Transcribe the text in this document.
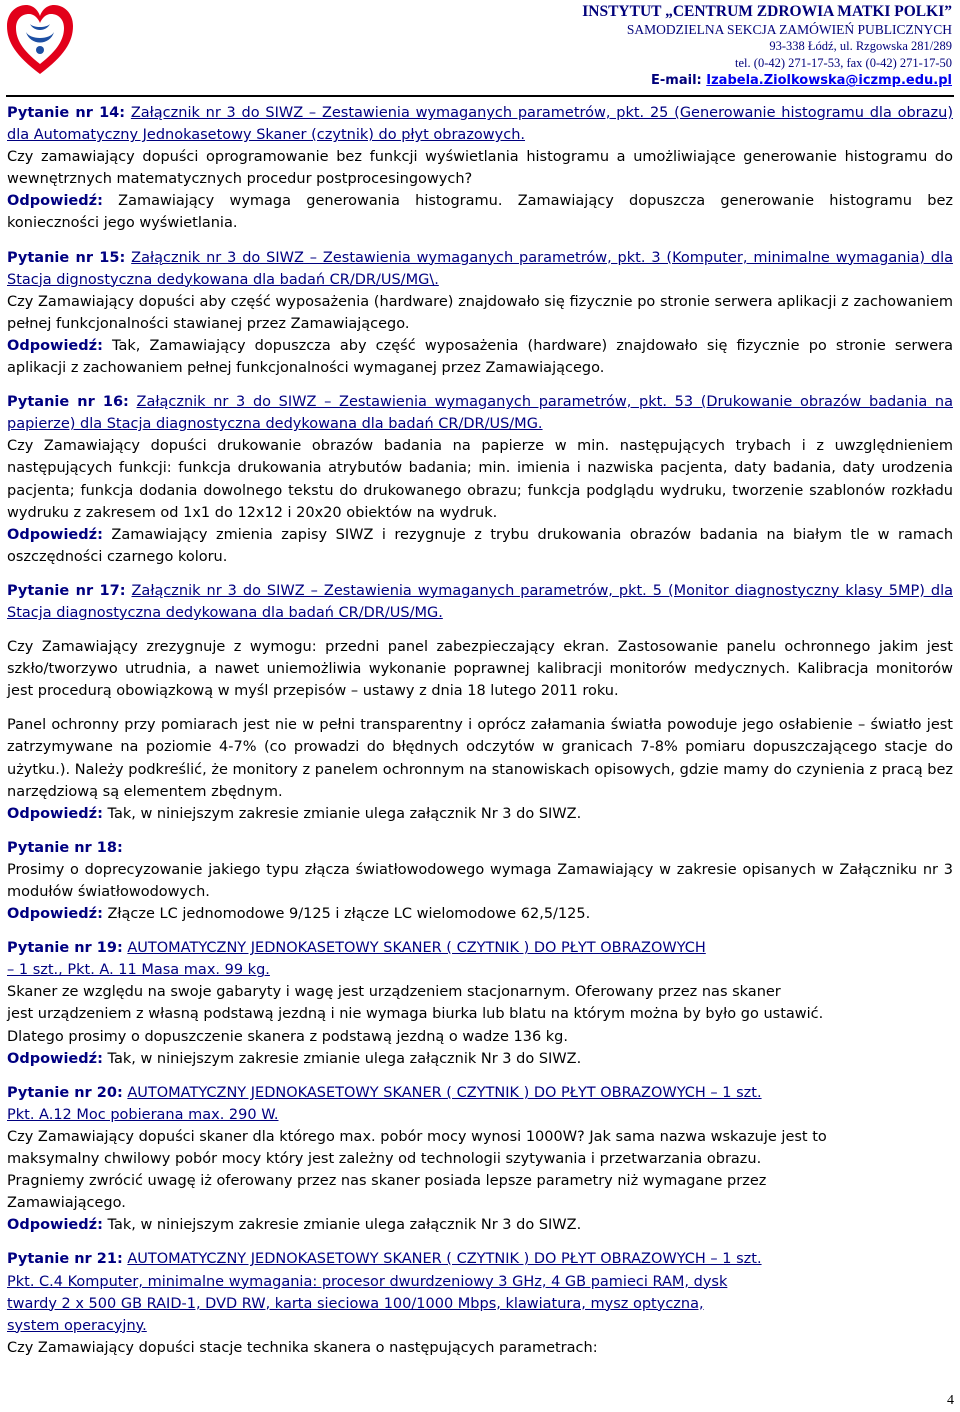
INSTYTUT „CENTRUM ZDROWIA MATKI POLKI”
SAMODZIELNA SEKCJA ZAMÓWIEŃ PUBLICZNYCH
93-338 Łódź, ul. Rzgowska 281/289
tel. (0-42) 271-17-53, fax (0-42) 271-17-50
E-mail: Izabela.Ziolkowska@iczmp.edu.pl

Pytanie nr 14: Załącznik nr 3 do SIWZ – Zestawienia wymaganych parametrów, pkt. 25 (Generowanie histogramu dla obrazu) dla Automatyczny Jednokasetowy Skaner (czytnik) do płyt obrazowych.

Czy zamawiający dopuści oprogramowanie bez funkcji wyświetlania histogramu a umożliwiające generowanie histogramu do wewnętrznych matematycznych procedur postprocesingowych?

Odpowiedź: Zamawiający wymaga generowania histogramu. Zamawiający dopuszcza generowanie histogramu bez konieczności jego wyświetlania.

Pytanie nr 15: Załącznik nr 3 do SIWZ – Zestawienia wymaganych parametrów, pkt. 3 (Komputer, minimalne wymagania) dla Stacja dignostyczna dedykowana dla badań CR/DR/US/MG\.

Czy Zamawiający dopuści aby część wyposażenia (hardware) znajdowało się fizycznie po stronie serwera aplikacji z zachowaniem pełnej funkcjonalności stawianej przez Zamawiającego.

Odpowiedź: Tak, Zamawiający dopuszcza aby część wyposażenia (hardware) znajdowało się fizycznie po stronie serwera aplikacji z zachowaniem pełnej funkcjonalności wymaganej przez Zamawiającego.

Pytanie nr 16: Załącznik nr 3 do SIWZ – Zestawienia wymaganych parametrów, pkt. 53 (Drukowanie obrazów badania na papierze) dla Stacja diagnostyczna dedykowana dla badań CR/DR/US/MG.

Czy Zamawiający dopuści drukowanie obrazów badania na papierze w min. następujących trybach i z uwzględnieniem następujących funkcji: funkcja drukowania atrybutów badania; min. imienia i nazwiska pacjenta, daty badania, daty urodzenia pacjenta; funkcja dodania dowolnego tekstu do drukowanego obrazu; funkcja podglądu wydruku, tworzenie szablonów rozkładu wydruku z zakresem od 1x1 do 12x12 i 20x20 obiektów na wydruk.

Odpowiedź: Zamawiający zmienia zapisy SIWZ i rezygnuje z trybu drukowania obrazów badania na białym tle w ramach oszczędności czarnego koloru.

Pytanie nr 17: Załącznik nr 3 do SIWZ – Zestawienia wymaganych parametrów, pkt. 5 (Monitor diagnostyczny klasy 5MP) dla Stacja diagnostyczna dedykowana dla badań CR/DR/US/MG.

Czy Zamawiający zrezygnuje z wymogu: przedni panel zabezpieczający ekran. Zastosowanie panelu ochronnego jakim jest szkło/tworzywo utrudnia, a nawet uniemożliwia wykonanie poprawnej kalibracji monitorów medycznych. Kalibracja monitorów jest procedurą obowiązkową w myśl przepisów – ustawy z dnia 18 lutego 2011 roku.

Panel ochronny przy pomiarach jest nie w pełni transparentny i oprócz załamania światła powoduje jego osłabienie – światło jest zatrzymywane na poziomie 4-7% (co prowadzi do błędnych odczytów w granicach 7-8% pomiaru dopuszczającego stacje do użytku.). Należy podkreślić, że monitory z panelem ochronnym na stanowiskach opisowych, gdzie mamy do czynienia z pracą bez narzędziową są elementem zbędnym.

Odpowiedź: Tak, w niniejszym zakresie zmianie ulega załącznik Nr 3 do SIWZ.

Pytanie nr 18:

Prosimy o doprecyzowanie jakiego typu złącza światłowodowego wymaga Zamawiający w zakresie opisanych w Załączniku nr 3 modułów światłowodowych.

Odpowiedź: Złącze LC jednomodowe 9/125 i złącze LC wielomodowe 62,5/125.

Pytanie nr 19: AUTOMATYCZNY JEDNOKASETOWY SKANER ( CZYTNIK ) DO PŁYT OBRAZOWYCH

– 1 szt., Pkt. A. 11 Masa max. 99 kg.

Skaner ze względu na swoje gabaryty i wagę jest urządzeniem stacjonarnym. Oferowany przez nas skaner

jest urządzeniem z własną podstawą jezdną i nie wymaga biurka lub blatu na którym można by było go ustawić.

Dlatego prosimy o dopuszczenie skanera z podstawą jezdną o wadze 136 kg.

Odpowiedź: Tak, w niniejszym zakresie zmianie ulega załącznik Nr 3 do SIWZ.

Pytanie nr 20: AUTOMATYCZNY JEDNOKASETOWY SKANER ( CZYTNIK ) DO PŁYT OBRAZOWYCH – 1 szt.

Pkt. A.12 Moc pobierana max. 290 W.

Czy Zamawiający dopuści skaner dla którego max. pobór mocy wynosi 1000W? Jak sama nazwa wskazuje jest to

maksymalny chwilowy pobór mocy który jest zależny od technologii szytywania i przetwarzania obrazu.

Pragniemy zwrócić uwagę iż oferowany przez nas skaner posiada lepsze parametry niż wymagane przez

Zamawiającego.

Odpowiedź: Tak, w niniejszym zakresie zmianie ulega załącznik Nr 3 do SIWZ.

Pytanie nr 21: AUTOMATYCZNY JEDNOKASETOWY SKANER ( CZYTNIK ) DO PŁYT OBRAZOWYCH – 1 szt.

Pkt. C.4 Komputer, minimalne wymagania: procesor dwurdzeniowy 3 GHz, 4 GB pamieci RAM, dysk

twardy 2 x 500 GB RAID-1, DVD RW, karta sieciowa 100/1000 Mbps, klawiatura, mysz optyczna,

system operacyjny.

Czy Zamawiający dopuści stacje technika skanera o następujących parametrach:

4
